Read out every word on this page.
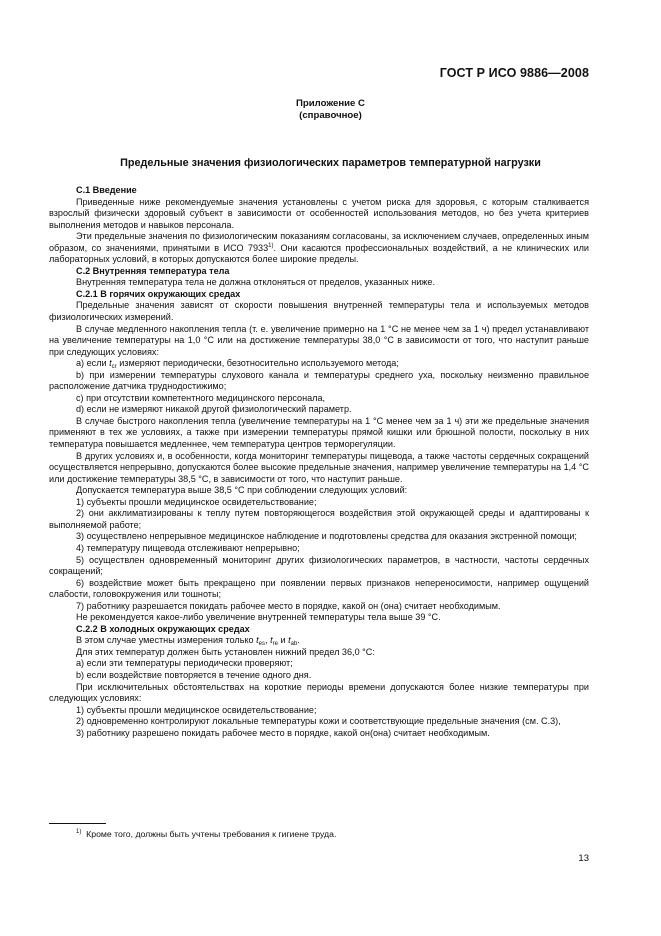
ГОСТ Р ИСО 9886—2008
Приложение С
(справочное)
Предельные значения физиологических параметров температурной нагрузки

С.1 Введение

Приведенные ниже рекомендуемые значения установлены с учетом риска для здоровья, с которым сталкивается взрослый физически здоровый субъект в зависимости от особенностей использования методов, но без учета критериев выполнения методов и навыков персонала.

Эти предельные значения по физиологическим показаниям согласованы, за исключением случаев, определенных иным образом, со значениями, принятыми в ИСО 7933$^{1)}$. Они касаются профессиональных воздействий, а не клинических или лабораторных условий, в которых допускаются более широкие пределы.

С.2 Внутренняя температура тела

Внутренняя температура тела не должна отклоняться от пределов, указанных ниже.

С.2.1 В горячих окружающих средах

Предельные значения зависят от скорости повышения внутренней температуры тела и используемых методов физиологических измерений.

В случае медленного накопления тепла (т. е. увеличение примерно на 1 °С не менее чем за 1 ч) предел устанавливают на увеличение температуры на 1,0 °С или на достижение температуры 38,0 °С в зависимости от того, что наступит раньше при следующих условиях:

a) если $t_{cr}$ измеряют периодически, безотносительно используемого метода;

b) при измерении температуры слухового канала и температуры среднего уха, поскольку неизменно правильное расположение датчика труднодостижимо;

c) при отсутствии компетентного медицинского персонала,

d) если не измеряют никакой другой физиологический параметр.

В случае быстрого накопления тепла (увеличение температуры на 1 °С менее чем за 1 ч) эти же предельные значения применяют в тех же условиях, а также при измерении температуры прямой кишки или брюшной полости, поскольку в них температура повышается медленнее, чем температура центров терморегуляции.

В других условиях и, в особенности, когда мониторинг температуры пищевода, а также частоты сердечных сокращений осуществляется непрерывно, допускаются более высокие предельные значения, например увеличение температуры на 1,4 °С или достижение температуры 38,5 °С, в зависимости от того, что наступит раньше.

Допускается температура выше 38,5 °С при соблюдении следующих условий:

1) субъекты прошли медицинское освидетельствование;

2) они акклиматизированы к теплу путем повторяющегося воздействия этой окружающей среды и адаптированы к выполняемой работе;

3) осуществлено непрерывное медицинское наблюдение и подготовлены средства для оказания экстренной помощи;

4) температуру пищевода отслеживают непрерывно;

5) осуществлен одновременный мониторинг других физиологических параметров, в частности, частоты сердечных сокращений;

6) воздействие может быть прекращено при появлении первых признаков непереносимости, например ощущений слабости, головокружения или тошноты;

7) работнику разрешается покидать рабочее место в порядке, какой он (она) считает необходимым.

Не рекомендуется какое-либо увеличение внутренней температуры тела выше 39 °С.

С.2.2 В холодных окружающих средах

В этом случае уместны измерения только $t_{es}$, $t_{re}$ и $t_{ab}$.

Для этих температур должен быть установлен нижний предел 36,0 °С:

a) если эти температуры периодически проверяют;

b) если воздействие повторяется в течение одного дня.

При исключительных обстоятельствах на короткие периоды времени допускаются более низкие температуры при следующих условиях:

1) субъекты прошли медицинское освидетельствование;

2) одновременно контролируют локальные температуры кожи и соответствующие предельные значения (см. С.3),

3) работнику разрешено покидать рабочее место в порядке, какой он(она) считает необходимым.

$^{1)}$ Кроме того, должны быть учтены требования к гигиене труда.
13
